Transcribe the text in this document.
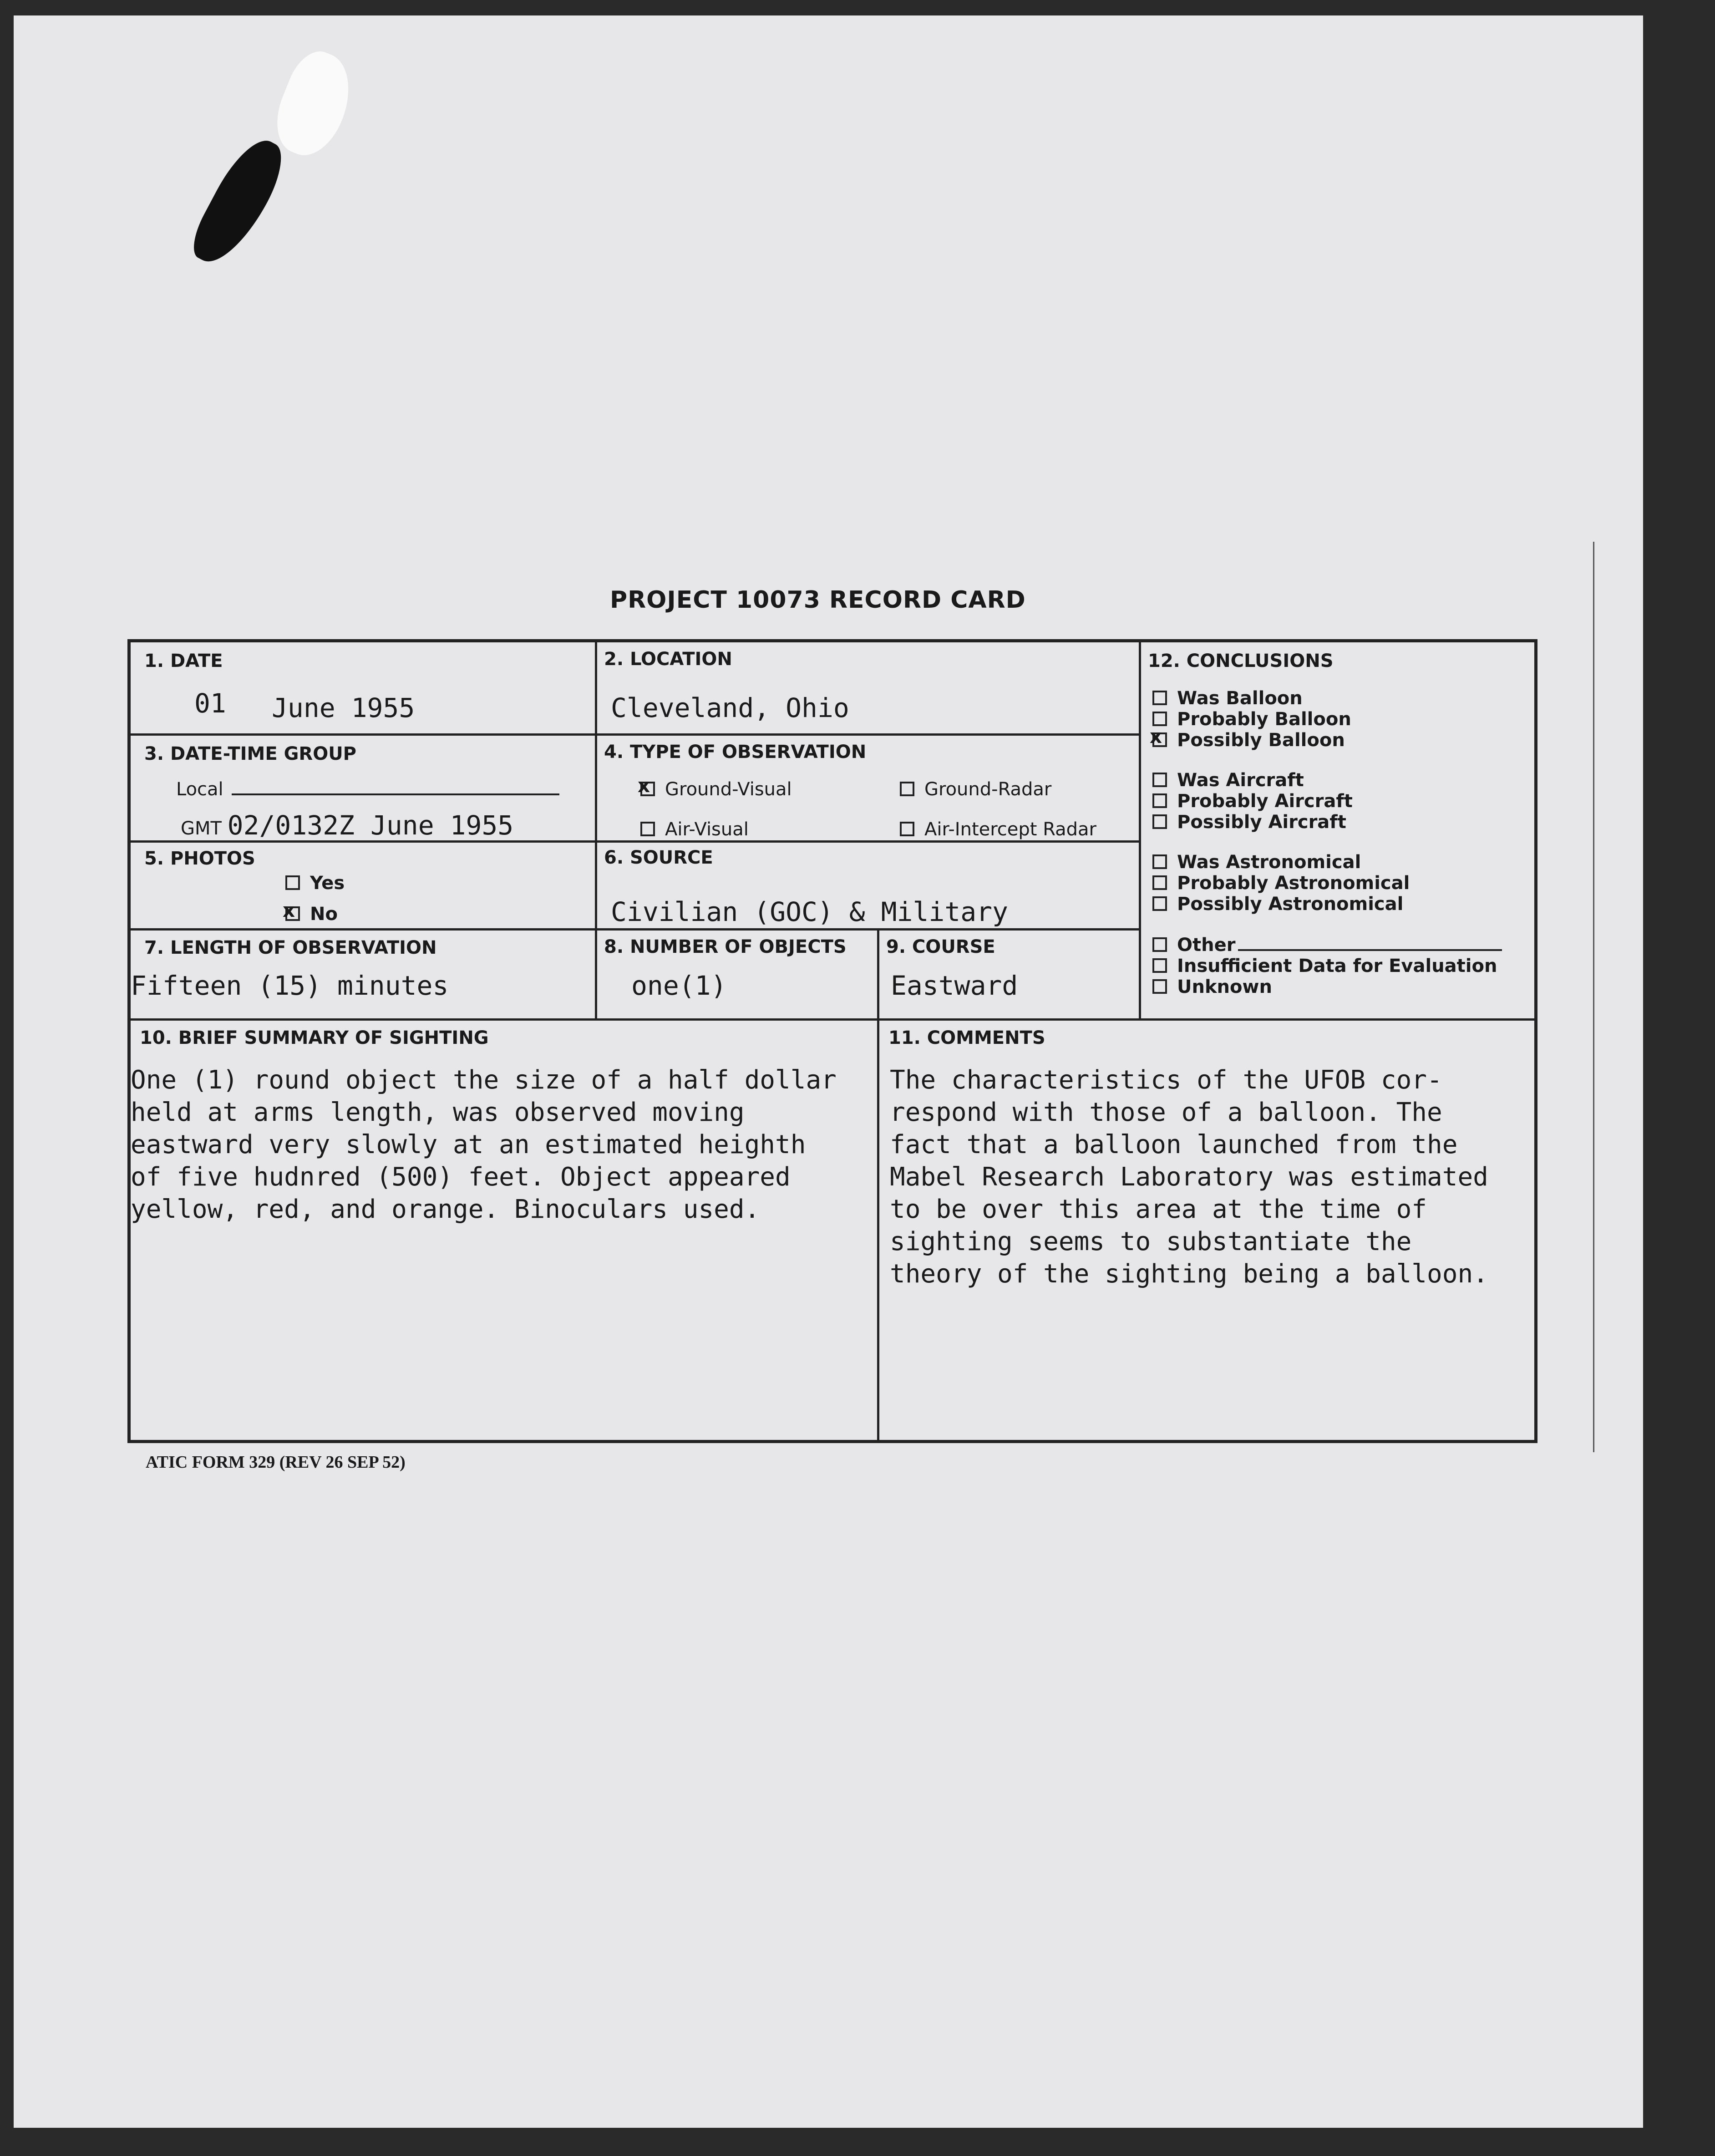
PROJECT 10073 RECORD CARD
1. DATE
01 June 1955
2. LOCATION
Cleveland, Ohio
3. DATE-TIME GROUP
Local
GMT 02/0132Z June 1955
4. TYPE OF OBSERVATION
xGround-Visual	Ground-Radar
Air-Visual	Air-Intercept Radar
5. PHOTOS
Yes
xNo
6. SOURCE
Civilian (GOC) & Military
7. LENGTH OF OBSERVATION
Fifteen (15) minutes
8. NUMBER OF OBJECTS
one(1)
9. COURSE
Eastward
12. CONCLUSIONS
Was Balloon
Probably Balloon
xPossibly Balloon
Was Aircraft
Probably Aircraft
Possibly Aircraft
Was Astronomical
Probably Astronomical
Possibly Astronomical
Other
Insufficient Data for Evaluation
Unknown
10. BRIEF SUMMARY OF SIGHTING
One (1) round object the size of a half dollar
held at arms length, was observed moving
eastward very slowly at an estimated heighth
of five hudnred (500) feet. Object appeared
yellow, red, and orange. Binoculars used.
11. COMMENTS
The characteristics of the UFOB cor-
respond with those of a balloon. The
fact that a balloon launched from the
Mabel Research Laboratory was estimated
to be over this area at the time of
sighting seems to substantiate the
theory of the sighting being a balloon.
ATIC FORM 329 (REV 26 SEP 52)
